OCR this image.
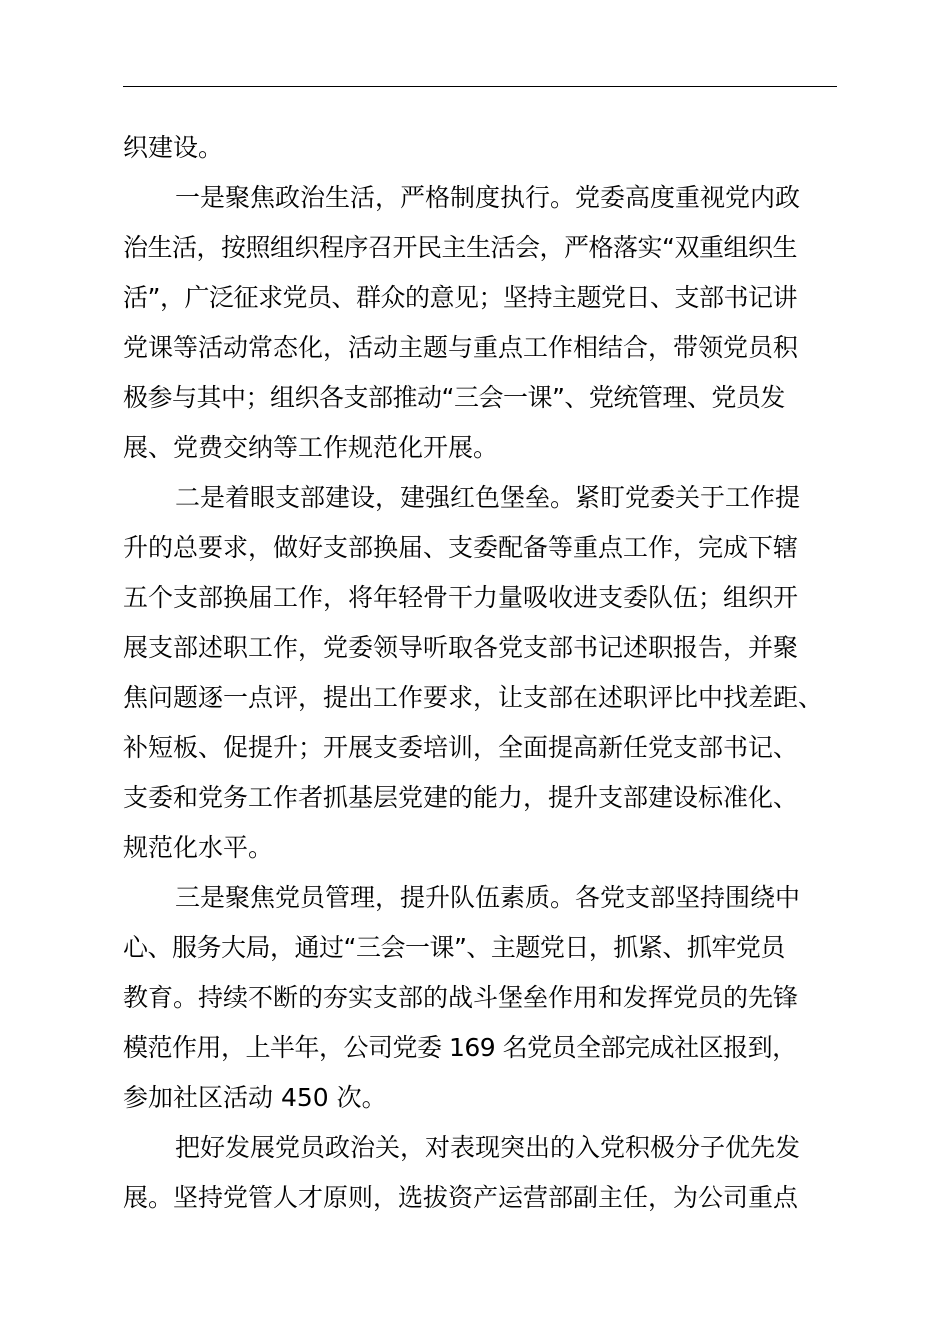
织建设。
一是聚焦政治生活，严格制度执行。党委高度重视党内政
治生活，按照组织程序召开民主生活会，严格落实“双重组织生
活”，广泛征求党员、群众的意见；坚持主题党日、支部书记讲
党课等活动常态化，活动主题与重点工作相结合，带领党员积
极参与其中；组织各支部推动“三会一课”、党统管理、党员发
展、党费交纳等工作规范化开展。
二是着眼支部建设，建强红色堡垒。紧盯党委关于工作提
升的总要求，做好支部换届、支委配备等重点工作，完成下辖
五个支部换届工作，将年轻骨干力量吸收进支委队伍；组织开
展支部述职工作，党委领导听取各党支部书记述职报告，并聚
焦问题逐一点评，提出工作要求，让支部在述职评比中找差距、
补短板、促提升；开展支委培训，全面提高新任党支部书记、
支委和党务工作者抓基层党建的能力，提升支部建设标准化、
规范化水平。
三是聚焦党员管理，提升队伍素质。各党支部坚持围绕中
心、服务大局，通过“三会一课”、主题党日，抓紧、抓牢党员
教育。持续不断的夯实支部的战斗堡垒作用和发挥党员的先锋
模范作用，上半年，公司党委 169 名党员全部完成社区报到，
参加社区活动 450 次。
把好发展党员政治关，对表现突出的入党积极分子优先发
展。坚持党管人才原则，选拔资产运营部副主任，为公司重点
